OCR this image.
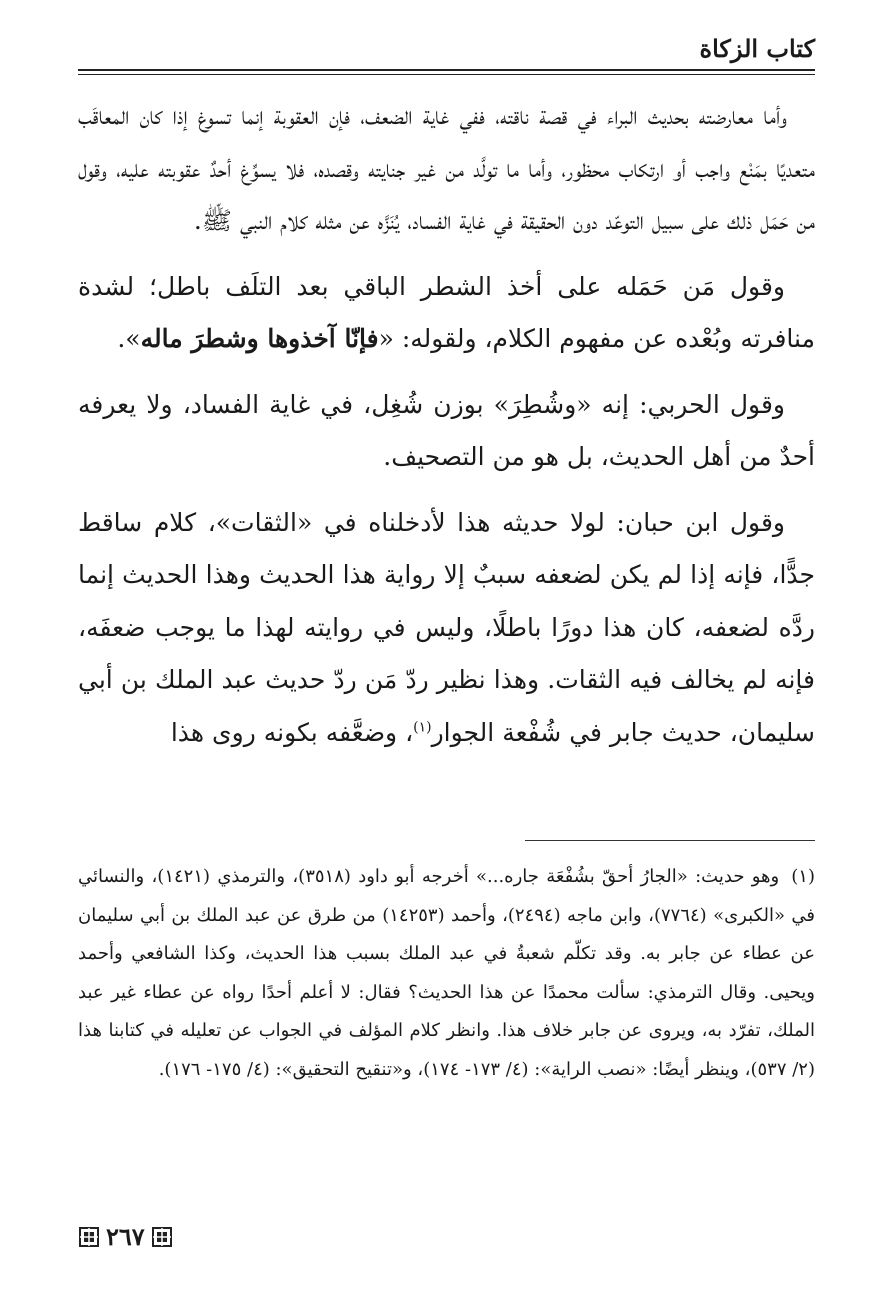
كتاب الزكاة

وأما معارضته بحديث البراء في قصة ناقته، ففي غاية الضعف، فإن العقوبة إنما تسوغ إذا كان المعاقَب متعديًا بمَنْع واجب أو ارتكاب محظور، وأما ما تولَّد من غير جنايته وقصده، فلا يسوِّغ أحدٌ عقوبته عليه، وقول من حَمَل ذلك على سبيل التوعّد دون الحقيقة في غاية الفساد، يُنَزَّه عن مثله كلام النبي ﷺ.

وقول مَن حَمَله على أخذ الشطر الباقي بعد التلَف باطل؛ لشدة منافرته وبُعْده عن مفهوم الكلام، ولقوله: «فإنّا آخذوها وشطرَ ماله».

وقول الحربي: إنه «وشُطِرَ» بوزن شُغِل، في غاية الفساد، ولا يعرفه أحدٌ من أهل الحديث، بل هو من التصحيف.

وقول ابن حبان: لولا حديثه هذا لأدخلناه في «الثقات»، كلام ساقط جدًّا، فإنه إذا لم يكن لضعفه سببٌ إلا رواية هذا الحديث وهذا الحديث إنما ردَّه لضعفه، كان هذا دورًا باطلًا، وليس في روايته لهذا ما يوجب ضعفَه، فإنه لم يخالف فيه الثقات. وهذا نظير ردّ مَن ردّ حديث عبد الملك بن أبي سليمان، حديث جابر في شُفْعة الجوار$^{(١)}$، وضعَّفه بكونه روى هذا

(١)وهو حديث: «الجارُ أحقّ بشُفْعَة جاره...» أخرجه أبو داود (٣٥١٨)، والترمذي (١٤٢١)، والنسائي في «الكبرى» (٧٧٦٤)، وابن ماجه (٢٤٩٤)، وأحمد (١٤٢٥٣) من طرق عن عبد الملك بن أبي سليمان عن عطاء عن جابر به. وقد تكلّم شعبةُ في عبد الملك بسبب هذا الحديث، وكذا الشافعي وأحمد ويحيى. وقال الترمذي: سألت محمدًا عن هذا الحديث؟ فقال: لا أعلم أحدًا رواه عن عطاء غير عبد الملك، تفرّد به، ويروى عن جابر خلاف هذا. وانظر كلام المؤلف في الجواب عن تعليله في كتابنا هذا (٢/ ٥٣٧)، وينظر أيضًا: «نصب الراية»: (٤/ ١٧٣- ١٧٤)، و«تنقيح التحقيق»: (٤/ ١٧٥- ١٧٦).
٢٦٧
